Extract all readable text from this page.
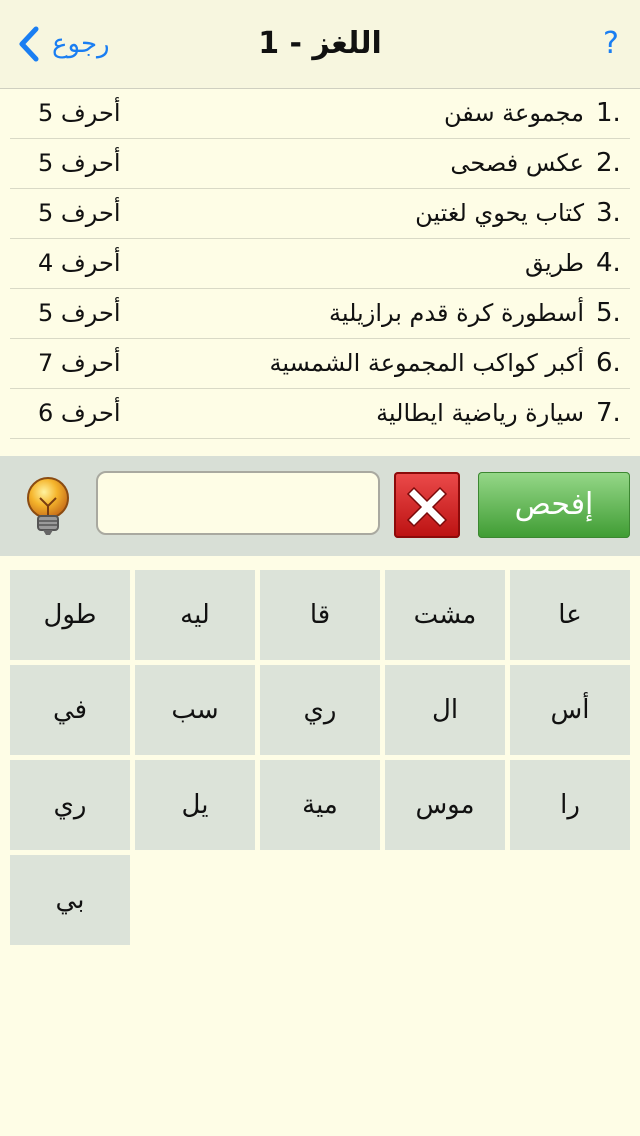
?
اللغز - 1
رجوع
1.
مجموعة سفن
5 أحرف
2.
عكس فصحى
5 أحرف
3.
كتاب يحوي لغتين
5 أحرف
4.
طريق
4 أحرف
5.
أسطورة كرة قدم برازيلية
5 أحرف
6.
أكبر كواكب المجموعة الشمسية
7 أحرف
7.
سيارة رياضية ايطالية
6 أحرف
إفحص
عا
مشت
قا
ليه
طول
أس
ال
ري
سب
في
را
موس
مية
يل
ري
بي
